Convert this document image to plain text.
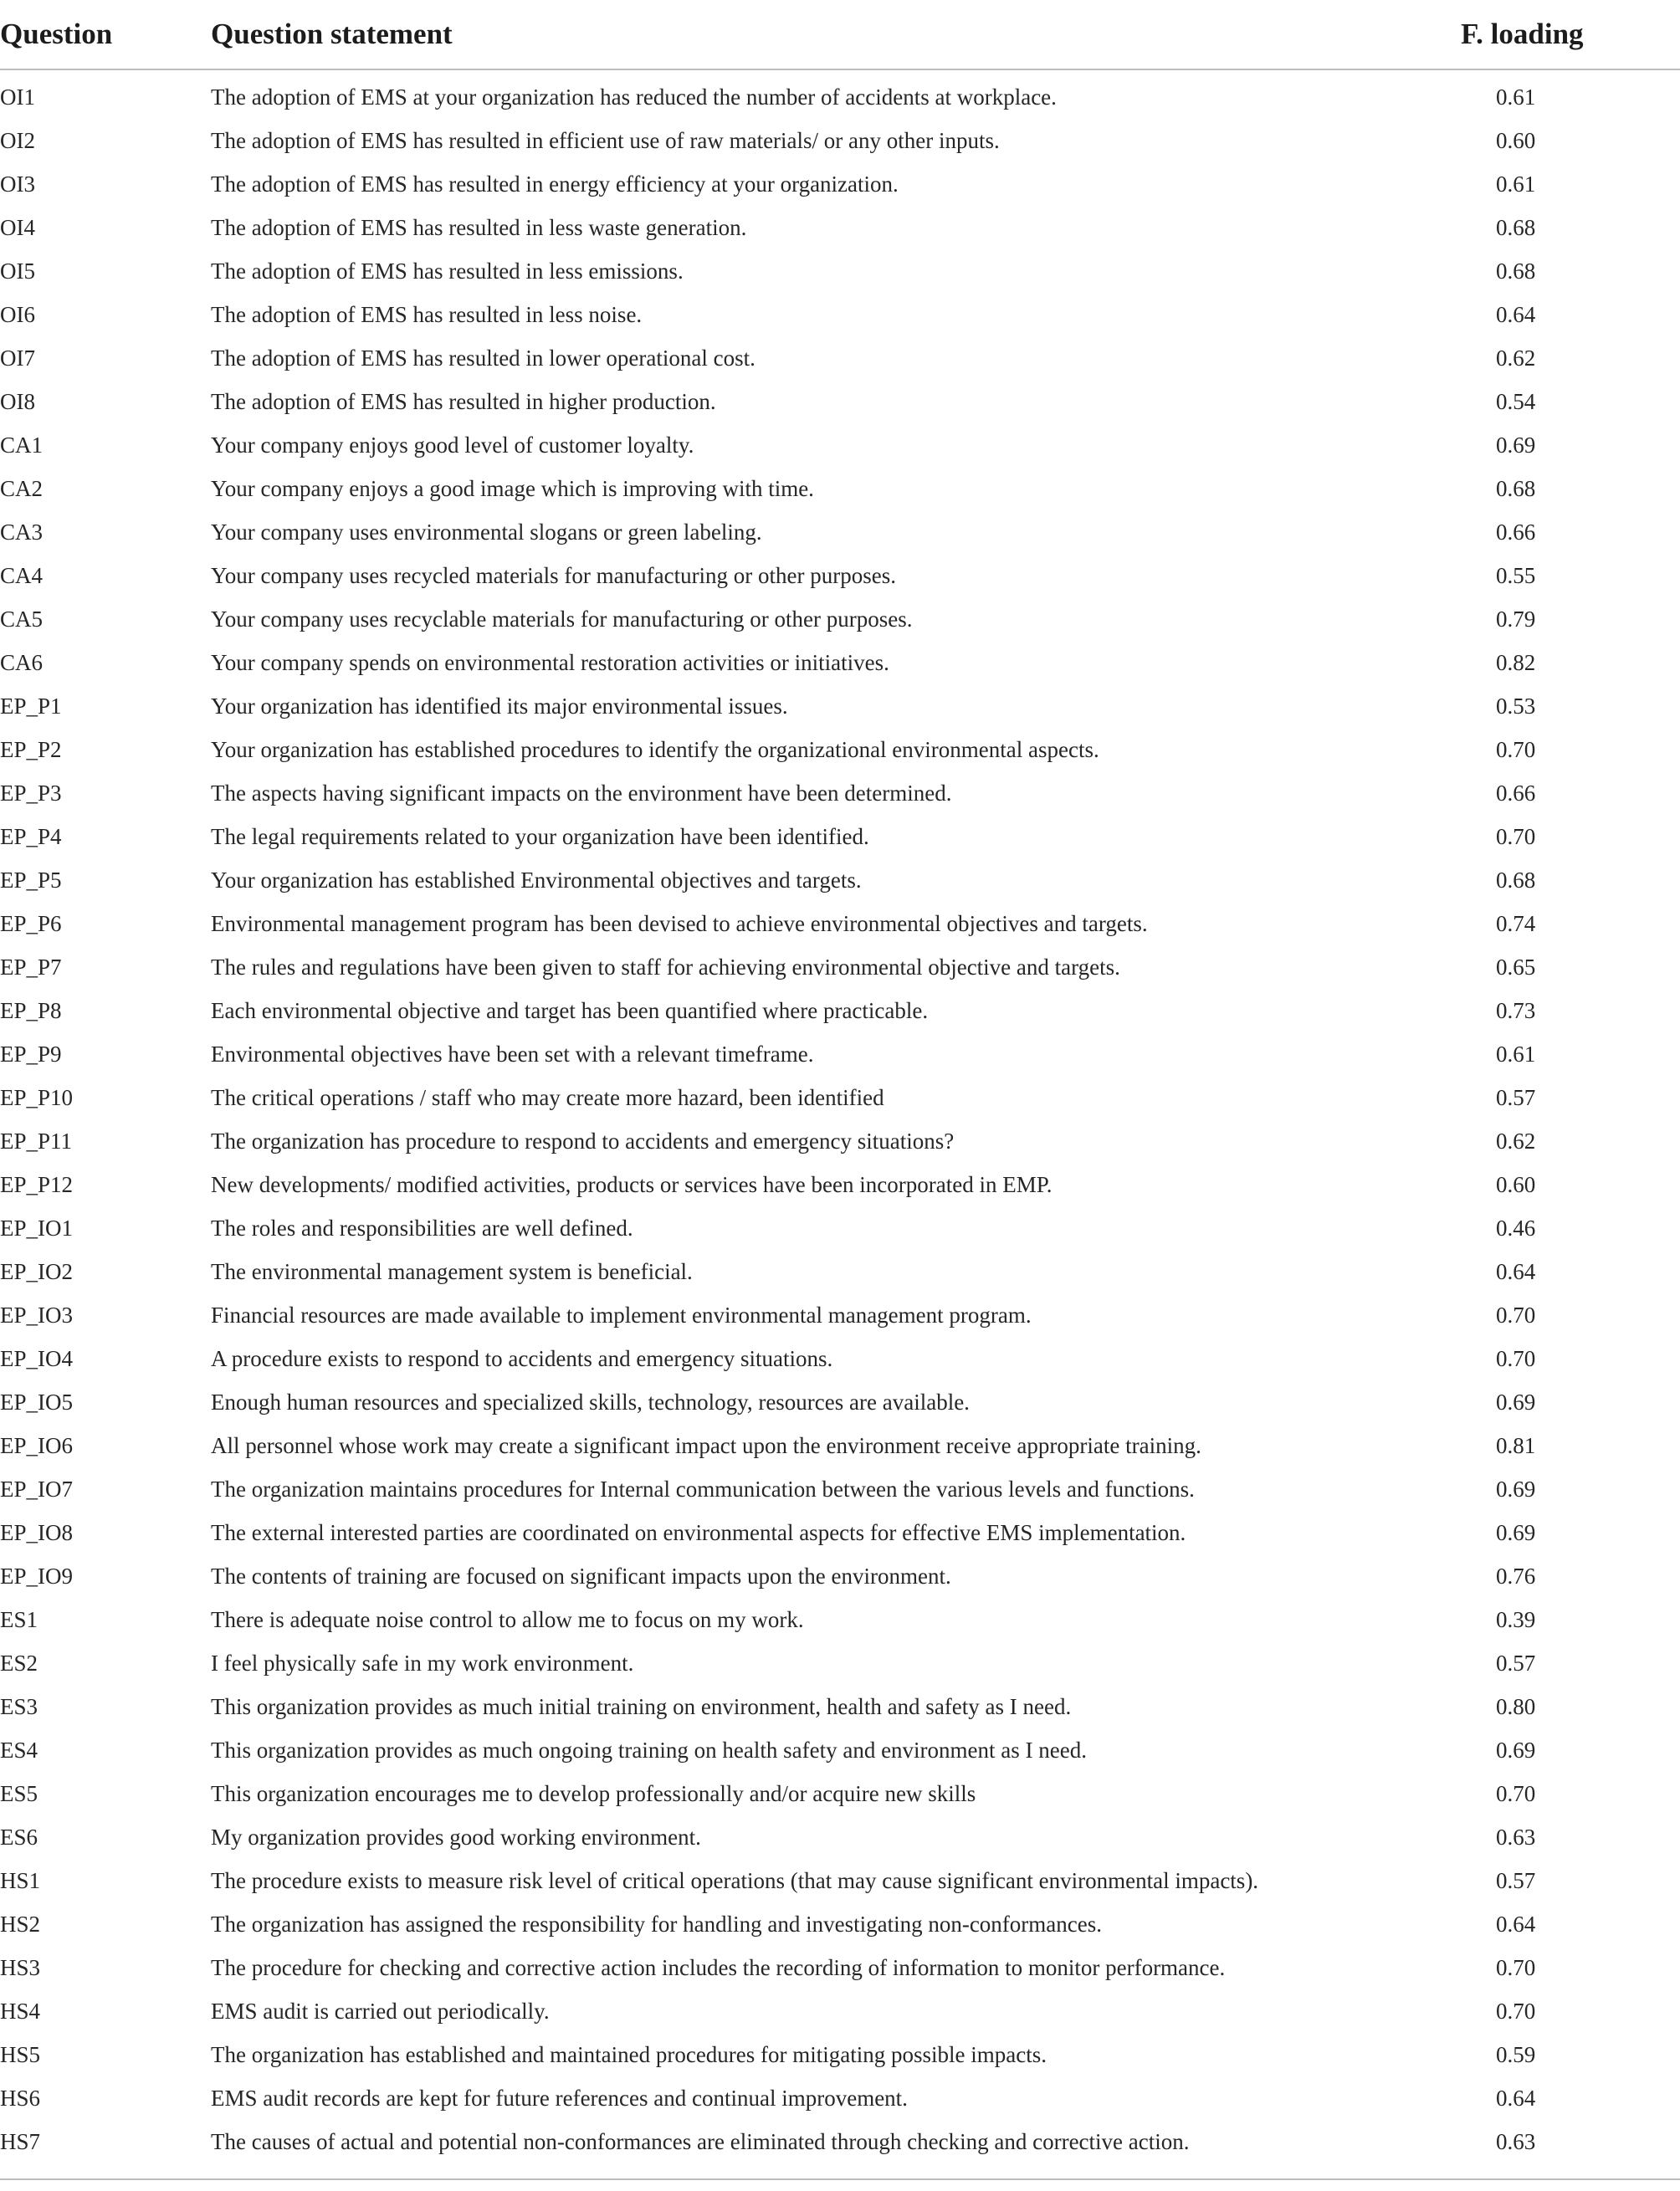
Question	Question statement	F. loading
OI1	The adoption of EMS at your organization has reduced the number of accidents at workplace.	0.61
OI2	The adoption of EMS has resulted in efficient use of raw materials/ or any other inputs.	0.60
OI3	The adoption of EMS has resulted in energy efficiency at your organization.	0.61
OI4	The adoption of EMS has resulted in less waste generation.	0.68
OI5	The adoption of EMS has resulted in less emissions.	0.68
OI6	The adoption of EMS has resulted in less noise.	0.64
OI7	The adoption of EMS has resulted in lower operational cost.	0.62
OI8	The adoption of EMS has resulted in higher production.	0.54
CA1	Your company enjoys good level of customer loyalty.	0.69
CA2	Your company enjoys a good image which is improving with time.	0.68
CA3	Your company uses environmental slogans or green labeling.	0.66
CA4	Your company uses recycled materials for manufacturing or other purposes.	0.55
CA5	Your company uses recyclable materials for manufacturing or other purposes.	0.79
CA6	Your company spends on environmental restoration activities or initiatives.	0.82
EP_P1	Your organization has identified its major environmental issues.	0.53
EP_P2	Your organization has established procedures to identify the organizational environmental aspects.	0.70
EP_P3	The aspects having significant impacts on the environment have been determined.	0.66
EP_P4	The legal requirements related to your organization have been identified.	0.70
EP_P5	Your organization has established Environmental objectives and targets.	0.68
EP_P6	Environmental management program has been devised to achieve environmental objectives and targets.	0.74
EP_P7	The rules and regulations have been given to staff for achieving environmental objective and targets.	0.65
EP_P8	Each environmental objective and target has been quantified where practicable.	0.73
EP_P9	Environmental objectives have been set with a relevant timeframe.	0.61
EP_P10	The critical operations / staff who may create more hazard, been identified	0.57
EP_P11	The organization has procedure to respond to accidents and emergency situations?	0.62
EP_P12	New developments/ modified activities, products or services have been incorporated in EMP.	0.60
EP_IO1	The roles and responsibilities are well defined.	0.46
EP_IO2	The environmental management system is beneficial.	0.64
EP_IO3	Financial resources are made available to implement environmental management program.	0.70
EP_IO4	A procedure exists to respond to accidents and emergency situations.	0.70
EP_IO5	Enough human resources and specialized skills, technology, resources are available.	0.69
EP_IO6	All personnel whose work may create a significant impact upon the environment receive appropriate training.	0.81
EP_IO7	The organization maintains procedures for Internal communication between the various levels and functions.	0.69
EP_IO8	The external interested parties are coordinated on environmental aspects for effective EMS implementation.	0.69
EP_IO9	The contents of training are focused on significant impacts upon the environment.	0.76
ES1	There is adequate noise control to allow me to focus on my work.	0.39
ES2	I feel physically safe in my work environment.	0.57
ES3	This organization provides as much initial training on environment, health and safety as I need.	0.80
ES4	This organization provides as much ongoing training on health safety and environment as I need.	0.69
ES5	This organization encourages me to develop professionally and/or acquire new skills	0.70
ES6	My organization provides good working environment.	0.63
HS1	The procedure exists to measure risk level of critical operations (that may cause significant environmental impacts).	0.57
HS2	The organization has assigned the responsibility for handling and investigating non-conformances.	0.64
HS3	The procedure for checking and corrective action includes the recording of information to monitor performance.	0.70
HS4	EMS audit is carried out periodically.	0.70
HS5	The organization has established and maintained procedures for mitigating possible impacts.	0.59
HS6	EMS audit records are kept for future references and continual improvement.	0.64
HS7	The causes of actual and potential non-conformances are eliminated through checking and corrective action.	0.63
